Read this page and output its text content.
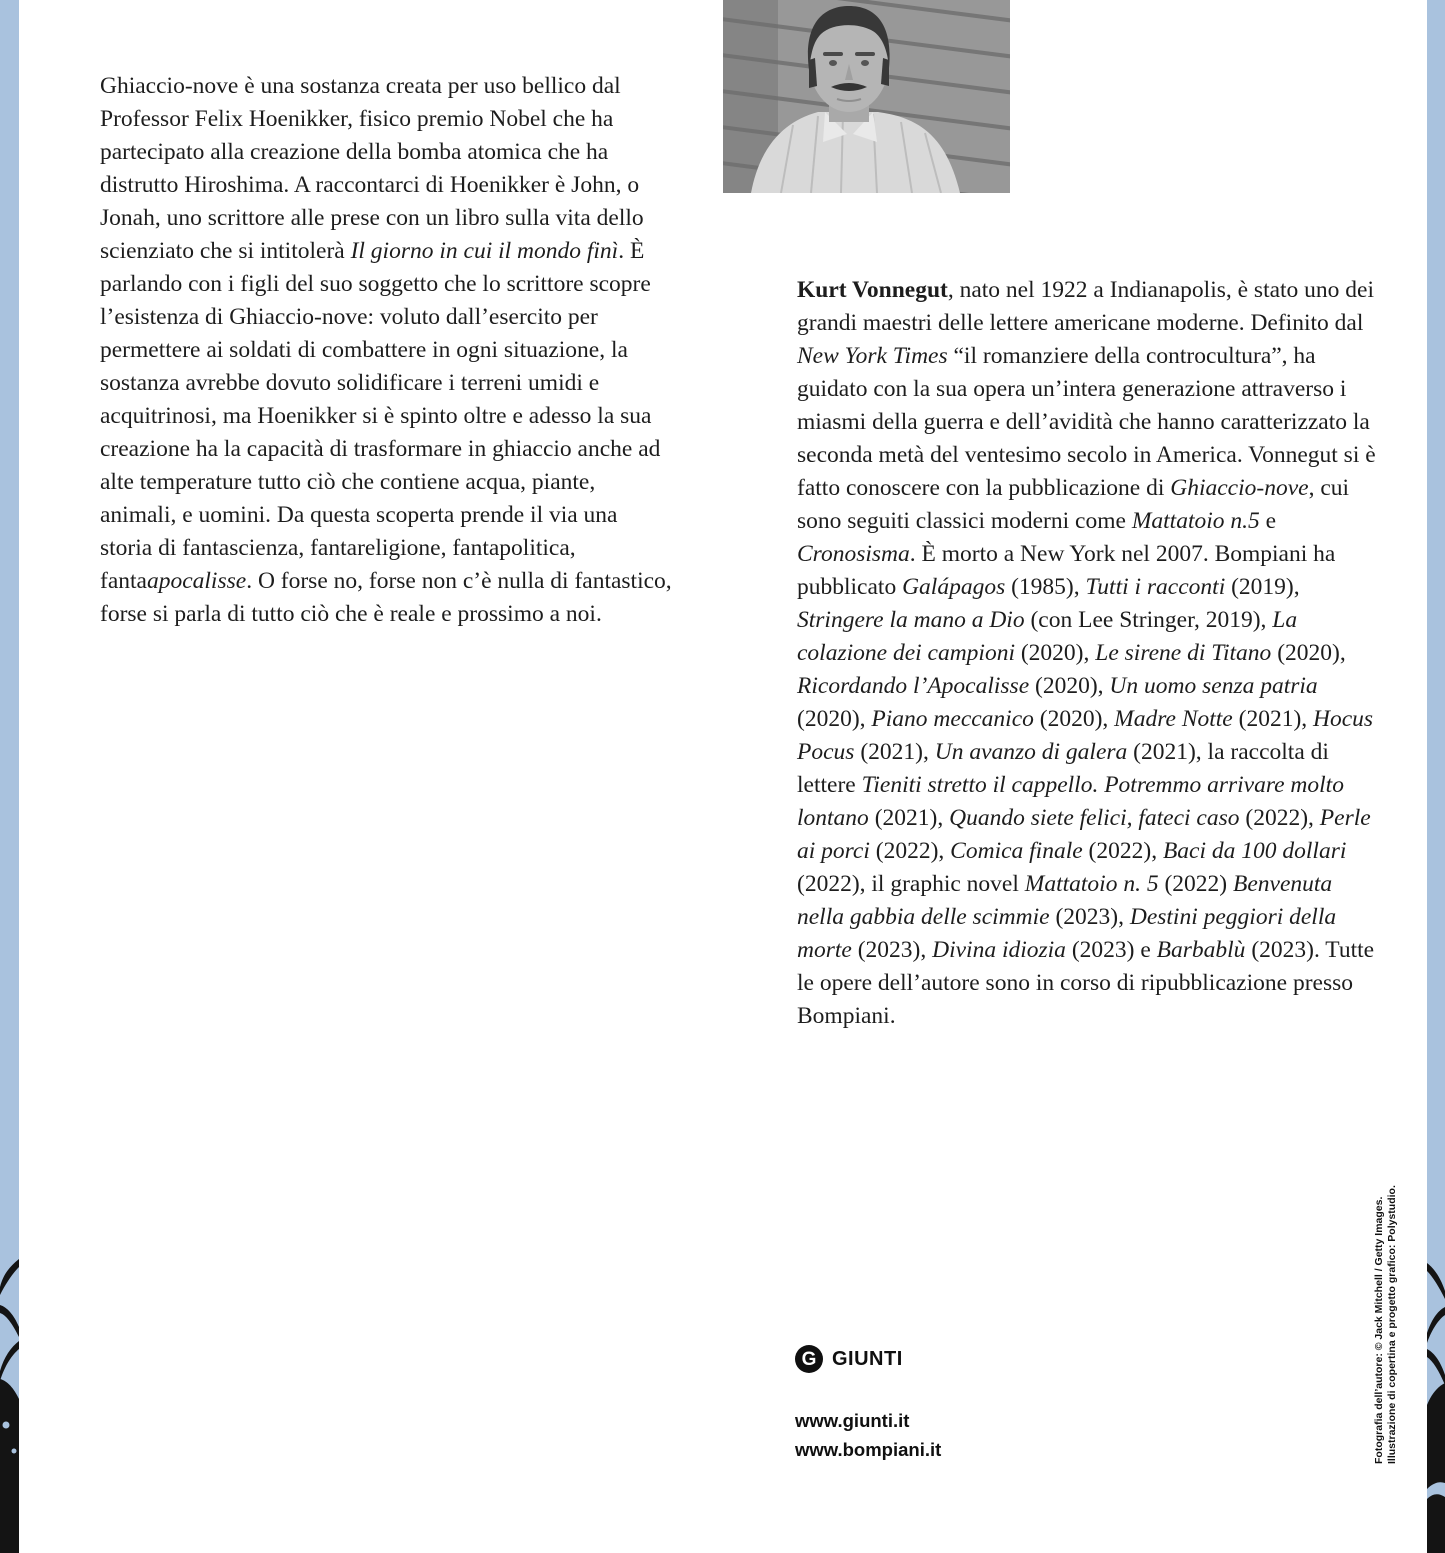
Ghiaccio-nove è una sostanza creata per uso bellico dal Professor Felix Hoenikker, fisico premio Nobel che ha partecipato alla creazione della bomba atomica che ha distrutto Hiroshima. A raccontarci di Hoenikker è John, o Jonah, uno scrittore alle prese con un libro sulla vita dello scienziato che si intitolerà Il giorno in cui il mondo finì. È parlando con i figli del suo soggetto che lo scrittore scopre l’esistenza di Ghiaccio-nove: voluto dall’esercito per permettere ai soldati di combattere in ogni situazione, la sostanza avrebbe dovuto solidificare i terreni umidi e acquitrinosi, ma Hoenikker si è spinto oltre e adesso la sua creazione ha la capacità di trasformare in ghiaccio anche ad alte temperature tutto ciò che contiene acqua, piante, animali, e uomini. Da questa scoperta prende il via una storia di fantascienza, fantareligione, fantapolitica, fantaapocalisse. O forse no, forse non c’è nulla di fantastico, forse si parla di tutto ciò che è reale e prossimo a noi.
Kurt Vonnegut, nato nel 1922 a Indianapolis, è stato uno dei grandi maestri delle lettere americane moderne. Definito dal New York Times “il romanziere della controcultura”, ha guidato con la sua opera un’intera generazione attraverso i miasmi della guerra e dell’avidità che hanno caratterizzato la seconda metà del ventesimo secolo in America. Vonnegut si è fatto conoscere con la pubblicazione di Ghiaccio-nove, cui sono seguiti classici moderni come Mattatoio n.5 e Cronosisma. È morto a New York nel 2007. Bompiani ha pubblicato Galápagos (1985), Tutti i racconti (2019), Stringere la mano a Dio (con Lee Stringer, 2019), La colazione dei campioni (2020), Le sirene di Titano (2020), Ricordando l’Apocalisse (2020), Un uomo senza patria (2020), Piano meccanico (2020), Madre Notte (2021), Hocus Pocus (2021), Un avanzo di galera (2021), la raccolta di lettere Tieniti stretto il cappello. Potremmo arrivare molto lontano (2021), Quando siete felici, fateci caso (2022), Perle ai porci (2022), Comica finale (2022), Baci da 100 dollari (2022), il graphic novel Mattatoio n. 5 (2022) Benvenuta nella gabbia delle scimmie (2023), Destini peggiori della morte (2023), Divina idiozia (2023) e Barbablù (2023). Tutte le opere dell’autore sono in corso di ripubblicazione presso Bompiani.
G GIUNTI
www.giunti.it
www.bompiani.it	Fotografia dell’autore: © Jack Mitchell / Getty Images. Illustrazione di copertina e progetto grafico: Polystudio.
